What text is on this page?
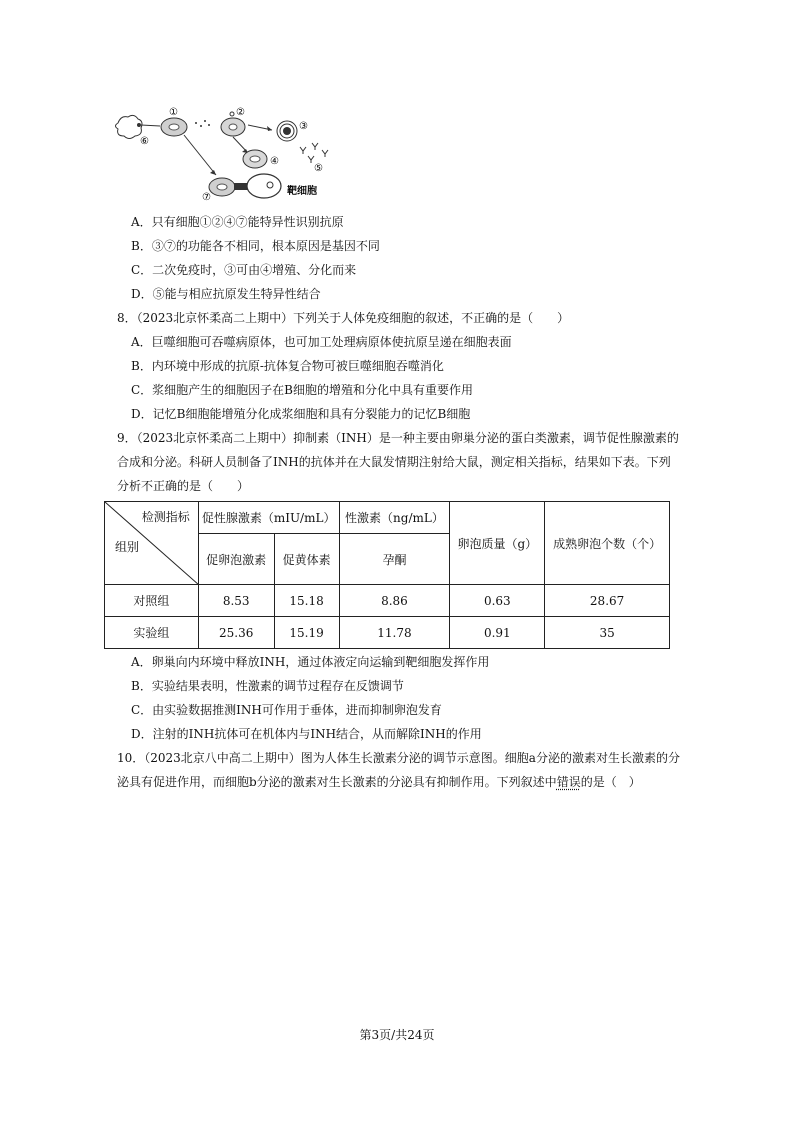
①	②
③
④
⑤
⑥
⑦
靶细胞
A．只有细胞①②④⑦能特异性识别抗原
B．③⑦的功能各不相同，根本原因是基因不同
C．二次免疫时，③可由④增殖、分化而来
D．⑤能与相应抗原发生特异性结合
8．（2023北京怀柔高二上期中）下列关于人体免疫细胞的叙述，不正确的是（　　）
A．巨噬细胞可吞噬病原体，也可加工处理病原体使抗原呈递在细胞表面
B．内环境中形成的抗原-抗体复合物可被巨噬细胞吞噬消化
C．浆细胞产生的细胞因子在B细胞的增殖和分化中具有重要作用
D．记忆B细胞能增殖分化成浆细胞和具有分裂能力的记忆B细胞
9．（2023北京怀柔高二上期中）抑制素（INH）是一种主要由卵巢分泌的蛋白类激素，调节促性腺激素的
合成和分泌。科研人员制备了INH的抗体并在大鼠发情期注射给大鼠，测定相关指标，结果如下表。下列
分析不正确的是（　　）
检测指标
组别	促性腺激素（mIU/mL）		性激素（ng/mL）	卵泡质量（g）	成熟卵泡个数（个）
	促卵泡激素	促黄体素	孕酮		
对照组	8.53	15.18	8.86	0.63	28.67
实验组	25.36	15.19	11.78	0.91	35
A．卵巢向内环境中释放INH，通过体液定向运输到靶细胞发挥作用
B．实验结果表明，性激素的调节过程存在反馈调节
C．由实验数据推测INH可作用于垂体，进而抑制卵泡发育
D．注射的INH抗体可在机体内与INH结合，从而解除INH的作用
10．（2023北京八中高二上期中）图为人体生长激素分泌的调节示意图。细胞a分泌的激素对生长激素的分
泌具有促进作用，而细胞b分泌的激素对生长激素的分泌具有抑制作用。下列叙述中错误的是（　）
第3页/共24页
